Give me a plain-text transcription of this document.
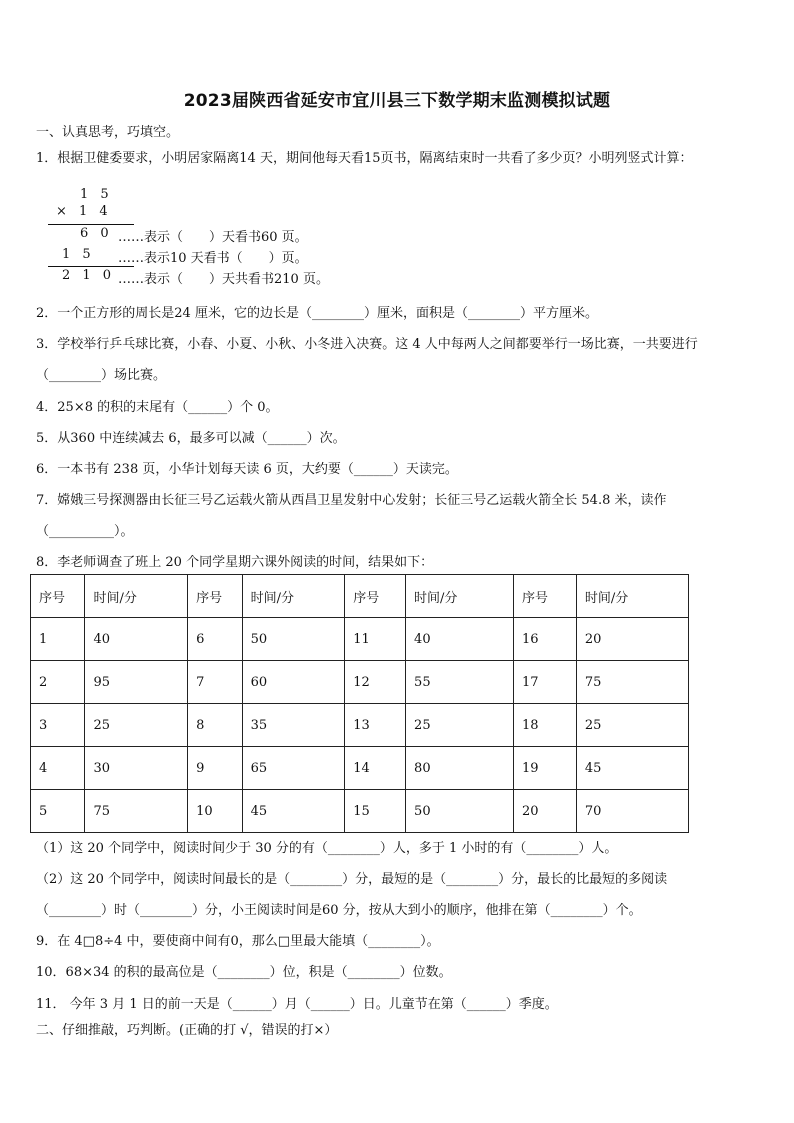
2023届陕西省延安市宜川县三下数学期末监测模拟试题
一、认真思考，巧填空。
1．根据卫健委要求，小明居家隔离14 天，期间他每天看15页书，隔离结束时一共看了多少页？小明列竖式计算：
1 5
× 1 4
6 0 ……表示（　　）天看书60 页。
1 5 ……表示10 天看书（　　）页。
2 1 0 ……表示（　　）天共看书210 页。
2．一个正方形的周长是24 厘米，它的边长是（________）厘米，面积是（________）平方厘米。
3．学校举行乒乓球比赛，小春、小夏、小秋、小冬进入决赛。这 4 人中每两人之间都要举行一场比赛，一共要进行
（________）场比赛。
4．25×8 的积的末尾有（______）个 0。
5．从360 中连续减去 6，最多可以减（______）次。
6．一本书有 238 页，小华计划每天读 6 页，大约要（______）天读完。
7．嫦娥三号探测器由长征三号乙运载火箭从西昌卫星发射中心发射；长征三号乙运载火箭全长 54.8 米，读作
（__________）。
8．李老师调查了班上 20 个同学星期六课外阅读的时间，结果如下：
序号	时间/分	序号	时间/分	序号	时间/分	序号	时间/分
1	40	6	50	11	40	16	20
2	95	7	60	12	55	17	75
3	25	8	35	13	25	18	25
4	30	9	65	14	80	19	45
5	75	10	45	15	50	20	70
（1）这 20 个同学中，阅读时间少于 30 分的有（________）人，多于 1 小时的有（________）人。
（2）这 20 个同学中，阅读时间最长的是（________）分，最短的是（________）分，最长的比最短的多阅读
（________）时（________）分，小王阅读时间是60 分，按从大到小的顺序，他排在第（________）个。
9．在 4□8÷4 中，要使商中间有0，那么□里最大能填（________）。
10．68×34 的积的最高位是（________）位，积是（________）位数。
11． 今年 3 月 1 日的前一天是（______）月（______）日。儿童节在第（______）季度。
二、仔细推敲，巧判断。(正确的打 √，错误的打×）
